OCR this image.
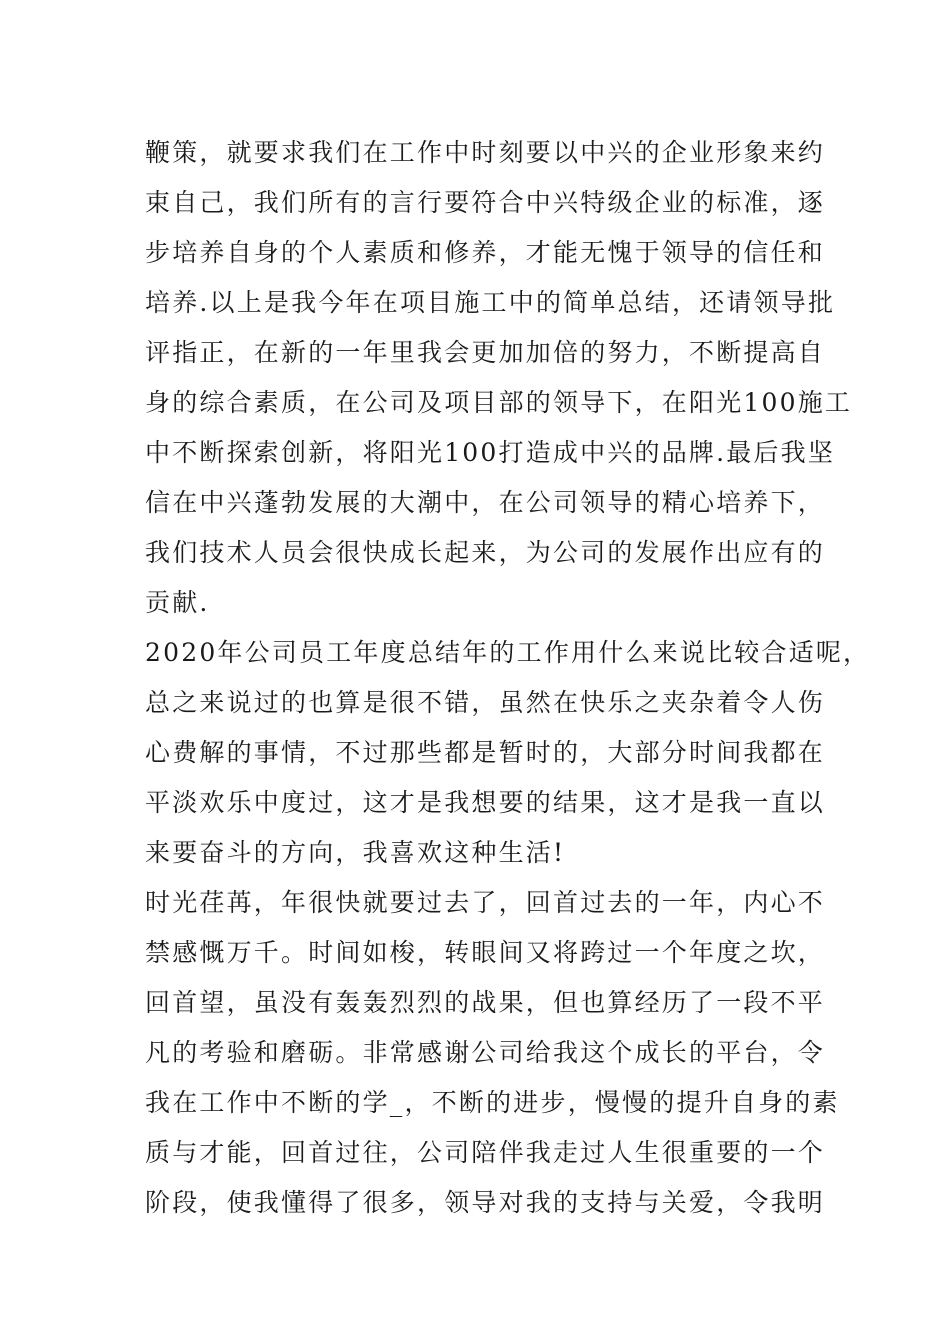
鞭策，就要求我们在工作中时刻要以中兴的企业形象来约
束自己，我们所有的言行要符合中兴特级企业的标准，逐
步培养自身的个人素质和修养，才能无愧于领导的信任和
培养.以上是我今年在项目施工中的简单总结，还请领导批
评指正，在新的一年里我会更加加倍的努力，不断提高自
身的综合素质，在公司及项目部的领导下，在阳光100施工
中不断探索创新，将阳光100打造成中兴的品牌.最后我坚
信在中兴蓬勃发展的大潮中，在公司领导的精心培养下，
我们技术人员会很快成长起来，为公司的发展作出应有的
贡献.
2020年公司员工年度总结年的工作用什么来说比较合适呢，
总之来说过的也算是很不错，虽然在快乐之夹杂着令人伤
心费解的事情，不过那些都是暂时的，大部分时间我都在
平淡欢乐中度过，这才是我想要的结果，这才是我一直以
来要奋斗的方向，我喜欢这种生活!
时光荏苒，年很快就要过去了，回首过去的一年，内心不
禁感慨万千。时间如梭，转眼间又将跨过一个年度之坎，
回首望，虽没有轰轰烈烈的战果，但也算经历了一段不平
凡的考验和磨砺。非常感谢公司给我这个成长的平台，令
我在工作中不断的学_，不断的进步，慢慢的提升自身的素
质与才能，回首过往，公司陪伴我走过人生很重要的一个
阶段，使我懂得了很多，领导对我的支持与关爱，令我明
